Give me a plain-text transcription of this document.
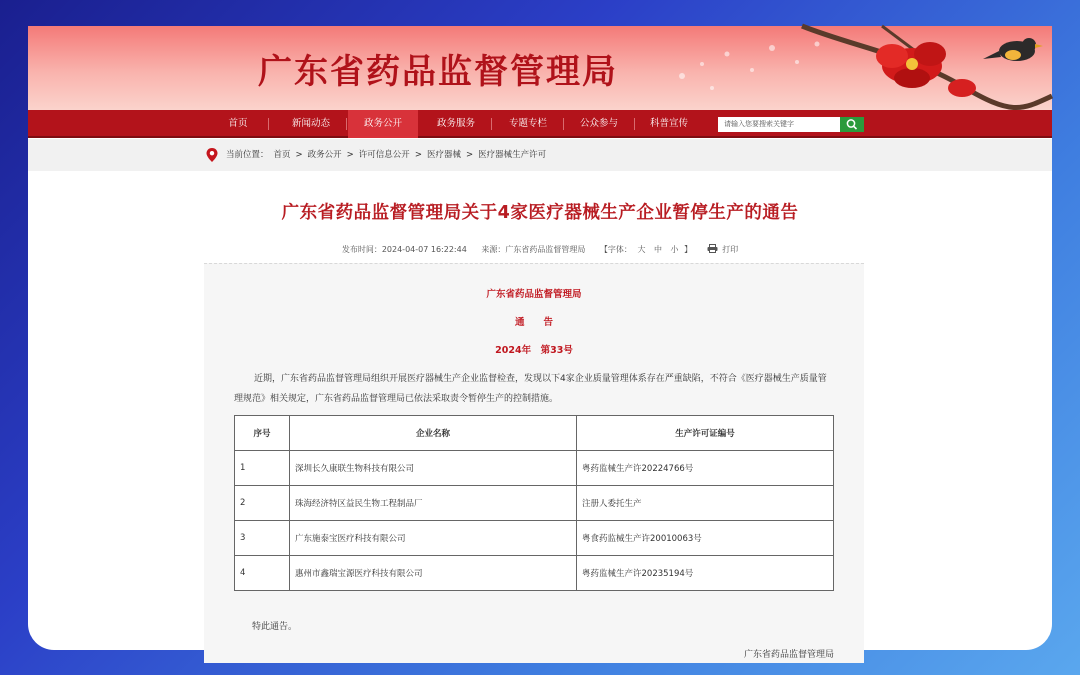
广东省药品监督管理局
首页	新闻动态	政务公开	政务服务	专题专栏	公众参与	科普宣传	请输入您要搜索关键字
当前位置： 首页 > 政务公开 > 许可信息公开 > 医疗器械 > 医疗器械生产许可
广东省药品监督管理局关于4家医疗器械生产企业暂停生产的通告
发布时间：2024-04-07 16:22:44 来源：广东省药品监督管理局 【字体： 大 中 小 】	打印
广东省药品监督管理局
通　　告
2024年　第33号
近期，广东省药品监督管理局组织开展医疗器械生产企业监督检查，发现以下4家企业质量管理体系存在严重缺陷，不符合《医疗器械生产质量管理规范》相关规定，广东省药品监督管理局已依法采取责令暂停生产的控制措施。
序号	企业名称	生产许可证编号
1	深圳长久康联生物科技有限公司	粤药监械生产许20224766号
2	珠海经济特区益民生物工程制品厂	注册人委托生产
3	广东施泰宝医疗科技有限公司	粤食药监械生产许20010063号
4	惠州市鑫瑞宝源医疗科技有限公司	粤药监械生产许20235194号
特此通告。
广东省药品监督管理局
